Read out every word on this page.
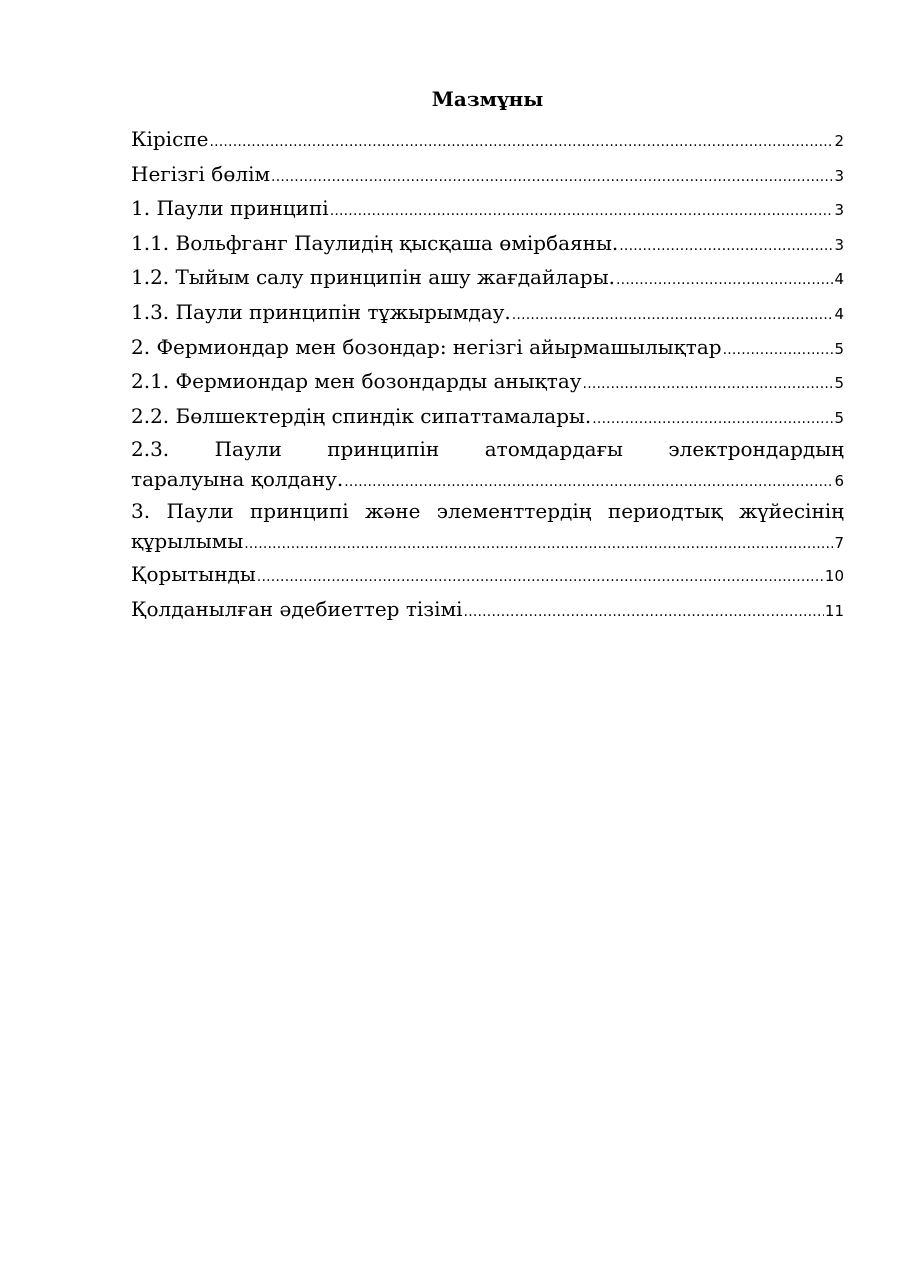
Мазмұны
Кіріспе .....	2
Негізгі бөлім .....	3
1. Паули принципі .....	3
1.1. Вольфганг Паулидің қысқаша өмірбаяны. .....	3
1.2. Тыйым салу принципін ашу жағдайлары. .....	4
1.3. Паули принципін тұжырымдау. .....	4
2. Фермиондар мен бозондар: негізгі айырмашылықтар .....	5
2.1. Фермиондар мен бозондарды анықтау .....	5
2.2. Бөлшектердің спиндік сипаттамалары. .....	5
2.3. Паули принципін атомдардағы электрондардың
таралуына қолдану. .....	6
3. Паули принципі және элементтердің периодтық жүйесінің
құрылымы .....	7
Қорытынды .....	10
Қолданылған әдебиеттер тізімі .....	11
